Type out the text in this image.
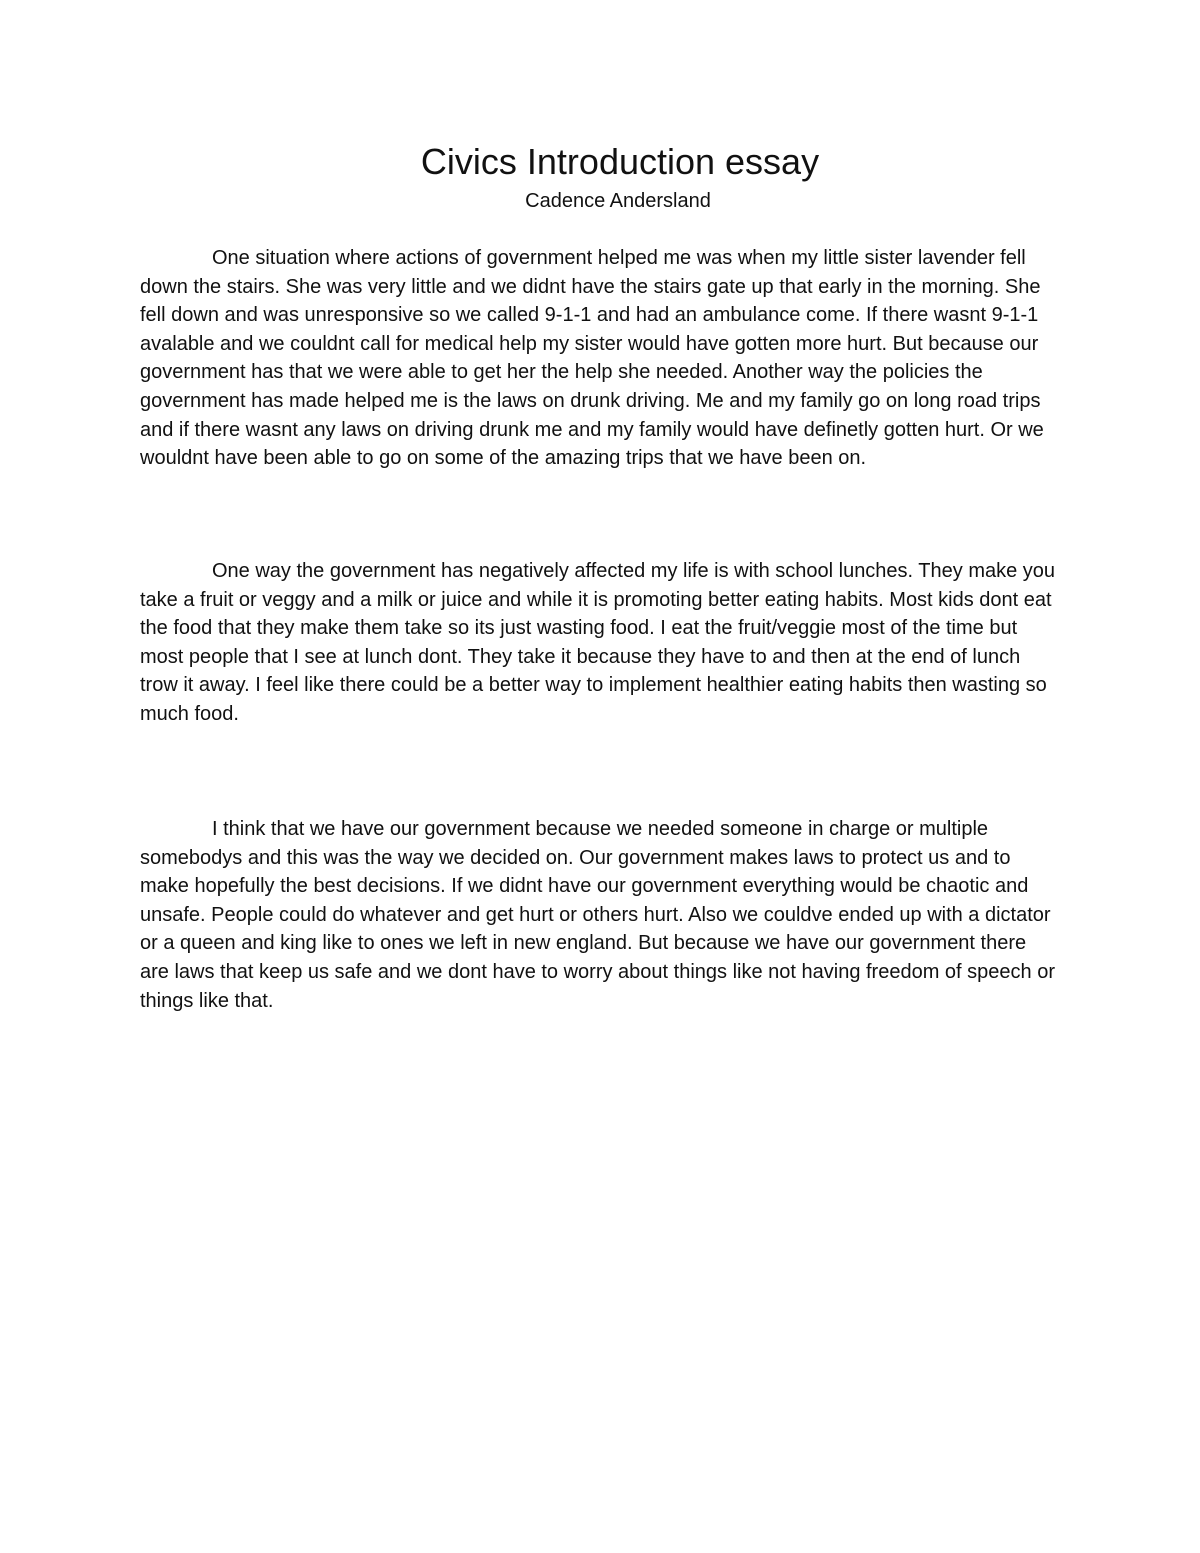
Civics Introduction essay
Cadence Andersland

One situation where actions of government helped me was when my little sister lavender fell down the stairs. She was very little and we didnt have the stairs gate up that early in the morning. She fell down and was unresponsive so we called 9-1-1 and had an ambulance come. If there wasnt 9-1-1 avalable and we couldnt call for medical help my sister would have gotten more hurt. But because our government has that we were able to get her the help she needed. Another way the policies the government has made helped me is the laws on drunk driving. Me and my family go on long road trips and if there wasnt any laws on driving drunk me and my family would have definetly gotten hurt. Or we wouldnt have been able to go on some of the amazing trips that we have been on.

One way the government has negatively affected my life is with school lunches. They make you take a fruit or veggy and a milk or juice and while it is promoting better eating habits. Most kids dont eat the food that they make them take so its just wasting food. I eat the fruit/veggie most of the time but most people that I see at lunch dont. They take it because they have to and then at the end of lunch trow it away. I feel like there could be a better way to implement healthier eating habits then wasting so much food.

I think that we have our government because we needed someone in charge or multiple somebodys and this was the way we decided on. Our government makes laws to protect us and to make hopefully the best decisions. If we didnt have our government everything would be chaotic and unsafe. People could do whatever and get hurt or others hurt. Also we couldve ended up with a dictator or a queen and king like to ones we left in new england. But because we have our government there are laws that keep us safe and we dont have to worry about things like not having freedom of speech or things like that.
